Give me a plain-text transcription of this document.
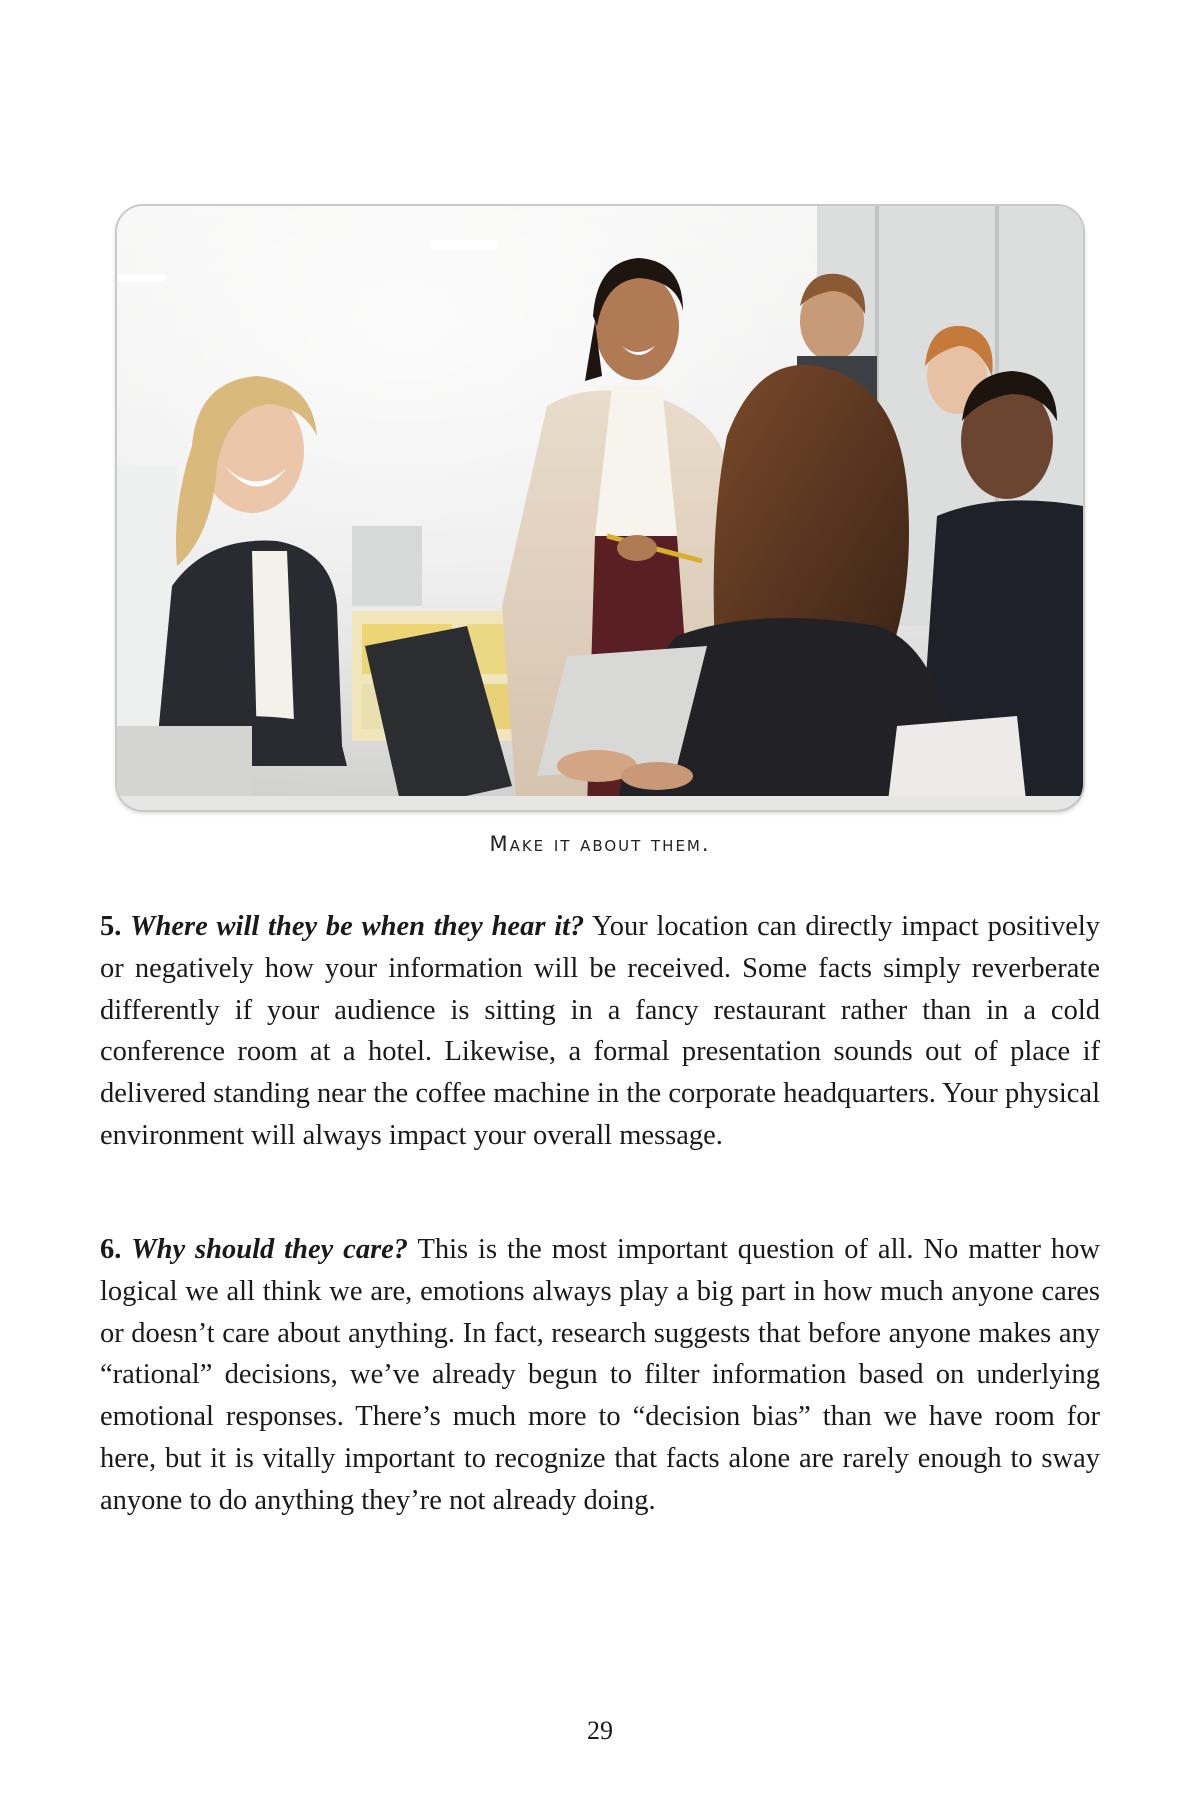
Make it about them.

5. Where will they be when they hear it? Your location can directly impact positively or negatively how your information will be received. Some facts simply reverberate differently if your audience is sitting in a fancy restaurant rather than in a cold conference room at a hotel. Likewise, a formal presentation sounds out of place if delivered standing near the coffee machine in the corporate headquarters. Your physical environment will always impact your overall message.

6. Why should they care? This is the most important question of all. No matter how logical we all think we are, emotions always play a big part in how much anyone cares or doesn’t care about anything. In fact, research suggests that before anyone makes any “rational” decisions, we’ve already begun to filter information based on underlying emotional responses. There’s much more to “decision bias” than we have room for here, but it is vitally important to recognize that facts alone are rarely enough to sway anyone to do anything they’re not already doing.

29
